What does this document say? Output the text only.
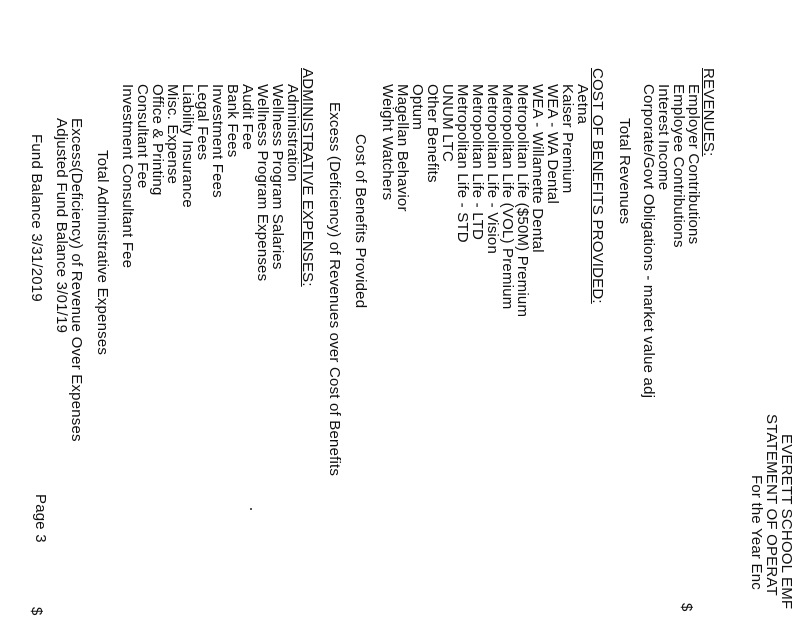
EVERETT SCHOOL EMF
STATEMENT OF OPERAT
For the Year Enc
REVENUES:
Employer Contributions
Employee Contributions
Interest Income
Corporate/Govt Obligations - market value adj
Total Revenues
$
COST OF BENEFITS PROVIDED:
Aetna
Kaiser Premium
WEA - WA Dental
WEA - Willamette Dental
Metropolitan Life ($50M) Premium
Metropolitan Life (VOL) Premium
Metropolitan Life - Vision
Metropolitan Life - LTD
Metropolitan Life - STD
UNUM LTC
Other Benefits
Optum
Magellan Behavior
Weight Watchers
Cost of Benefits Provided
Excess (Deficiency) of Revenues over Cost of Benefits
ADMINISTRATIVE EXPENSES:
Administration
Wellness Program Salaries
Wellness Program Expenses
Audit Fee
Bank Fees
Investment Fees
Legal Fees
Liability Insurance
Misc. Expense
Office & Printing
Consultant Fee
Investment Consultant Fee
Total Administrative Expenses
Excess(Deficiency) of Revenue Over Expenses
Adjusted Fund Balance 3/01/19
Fund Balance 3/31/2019
$
Page 3
